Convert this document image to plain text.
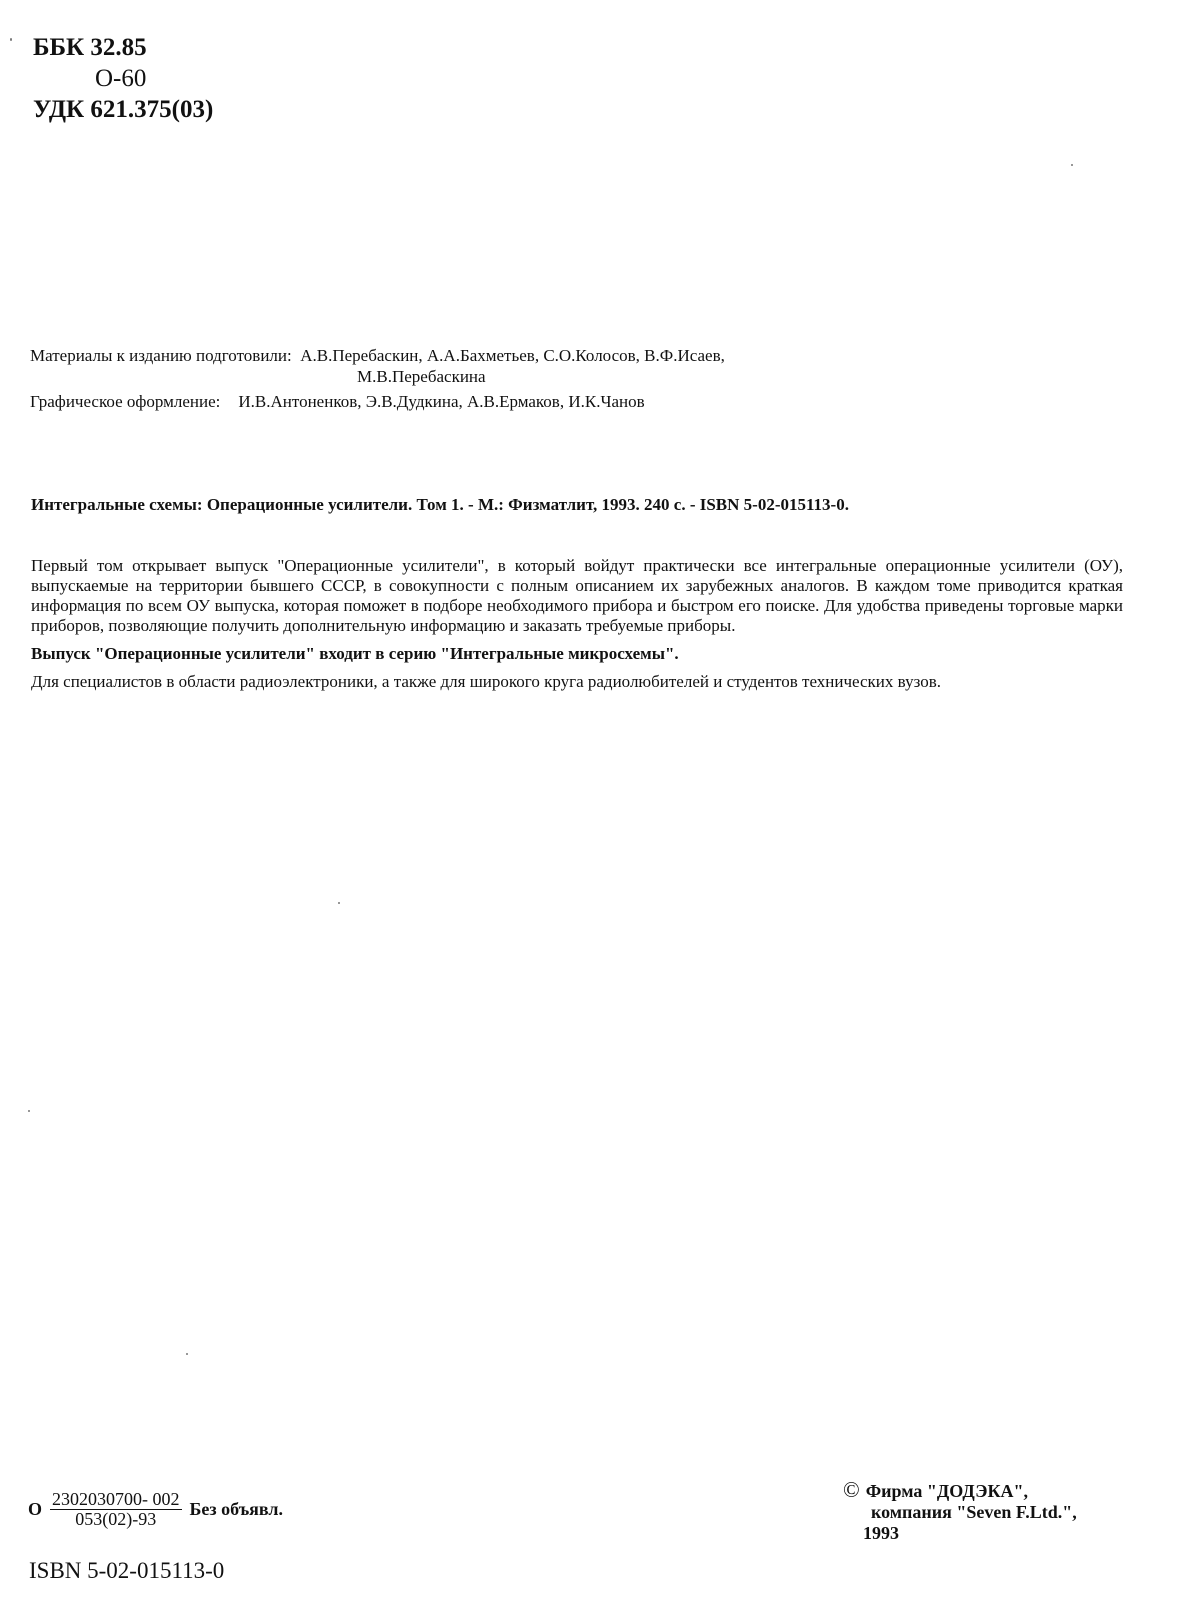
ББК 32.85
О-60
УДК 621.375(03)
Материалы к изданию подготовили:
А.В.Перебаскин, А.А.Бахметьев, С.О.Колосов, В.Ф.Исаев,
М.В.Перебаскина
Графическое оформление:	И.В.Антоненков, Э.В.Дудкина, А.В.Ермаков, И.К.Чанов
Интегральные схемы: Операционные усилители. Том 1. - М.: Физматлит, 1993. 240 с. - ISBN 5-02-015113-0.

Первый том открывает выпуск "Операционные усилители", в который войдут практически все интегральные операционные усилители (ОУ), выпускаемые на территории бывшего СССР, в совокупности с полным описанием их зарубежных аналогов. В каждом томе приводится краткая информация по всем ОУ выпуска, которая поможет в подборе необходимого прибора и быстром его поиске. Для удобства приведены торговые марки приборов, позволяющие получить дополнительную информацию и заказать требуемые приборы.

Выпуск "Операционные усилители" входит в серию "Интегральные микросхемы".

Для специалистов в области радиоэлектроники, а также для широкого круга радиолюбителей и студентов технических вузов.

О $\frac{2302030700- 002}{053(02)-93}$ Без объявл.
ISBN 5-02-015113-0
© Фирма "ДОДЭКА",
компания "Seven F.Ltd.",
1993
